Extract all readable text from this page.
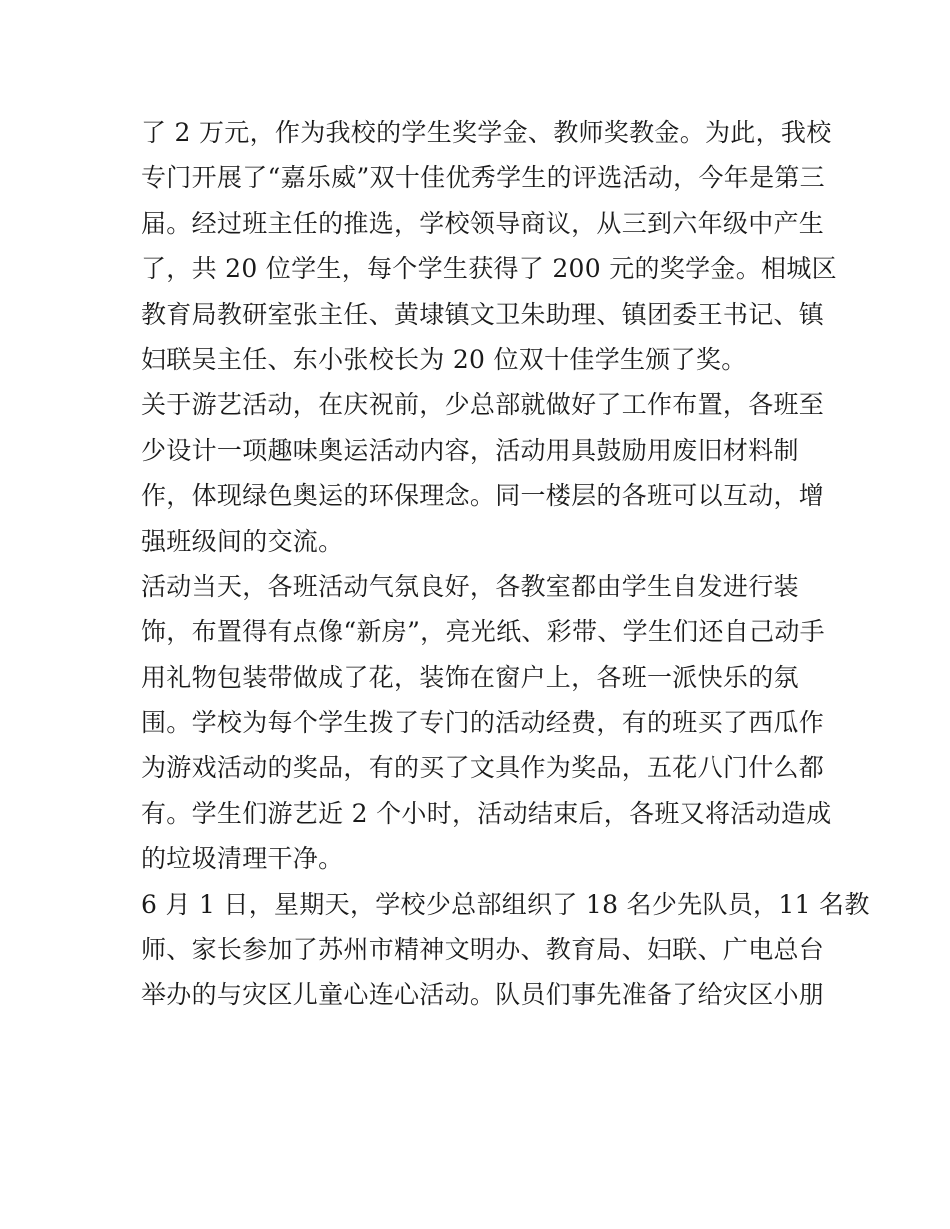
了 2 万元，作为我校的学生奖学金、教师奖教金。为此，我校
专门开展了“嘉乐威”双十佳优秀学生的评选活动，今年是第三
届。经过班主任的推选，学校领导商议，从三到六年级中产生
了，共 20 位学生，每个学生获得了 200 元的奖学金。相城区
教育局教研室张主任、黄埭镇文卫朱助理、镇团委王书记、镇
妇联吴主任、东小张校长为 20 位双十佳学生颁了奖。
关于游艺活动，在庆祝前，少总部就做好了工作布置，各班至
少设计一项趣味奥运活动内容，活动用具鼓励用废旧材料制
作，体现绿色奥运的环保理念。同一楼层的各班可以互动，增
强班级间的交流。
活动当天，各班活动气氛良好，各教室都由学生自发进行装
饰，布置得有点像“新房”，亮光纸、彩带、学生们还自己动手
用礼物包装带做成了花，装饰在窗户上，各班一派快乐的氛
围。学校为每个学生拨了专门的活动经费，有的班买了西瓜作
为游戏活动的奖品，有的买了文具作为奖品，五花八门什么都
有。学生们游艺近 2 个小时，活动结束后，各班又将活动造成
的垃圾清理干净。
6 月 1 日，星期天，学校少总部组织了 18 名少先队员，11 名教
师、家长参加了苏州市精神文明办、教育局、妇联、广电总台
举办的与灾区儿童心连心活动。队员们事先准备了给灾区小朋
